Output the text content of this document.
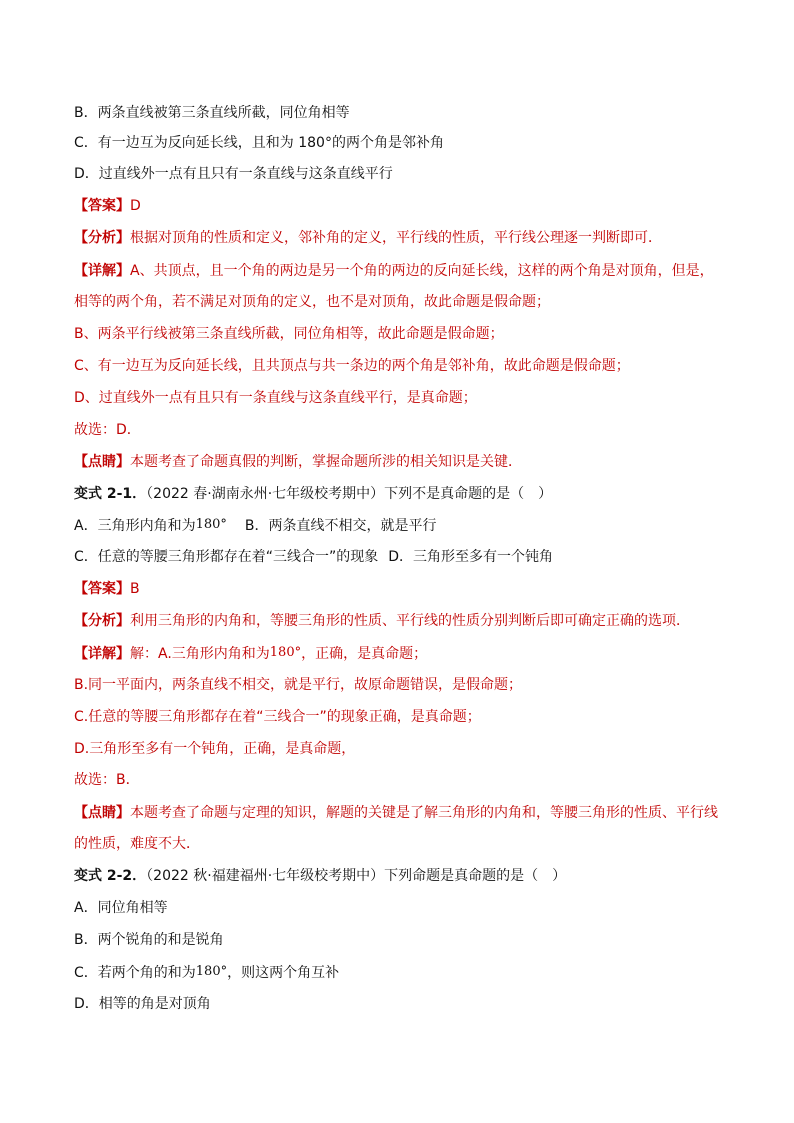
B．两条直线被第三条直线所截，同位角相等
C．有一边互为反向延长线，且和为 180°的两个角是邻补角
D．过直线外一点有且只有一条直线与这条直线平行
【答案】D
【分析】根据对顶角的性质和定义，邻补角的定义，平行线的性质，平行线公理逐一判断即可．
【详解】A、共顶点，且一个角的两边是另一个角的两边的反向延长线，这样的两个角是对顶角，但是，
相等的两个角，若不满足对顶角的定义，也不是对顶角，故此命题是假命题；
B、两条平行线被第三条直线所截，同位角相等，故此命题是假命题；
C、有一边互为反向延长线，且共顶点与共一条边的两个角是邻补角，故此命题是假命题；
D、过直线外一点有且只有一条直线与这条直线平行，是真命题；
故选：D．
【点睛】本题考查了命题真假的判断，掌握命题所涉的相关知识是关键．
变式 2-1．（2022 春·湖南永州·七年级校考期中）下列不是真命题的是（　）
A．三角形内角和为180° B．两条直线不相交，就是平行
C．任意的等腰三角形都存在着“三线合一”的现象 D．三角形至多有一个钝角
【答案】B
【分析】利用三角形的内角和，等腰三角形的性质、平行线的性质分别判断后即可确定正确的选项．
【详解】解：A.三角形内角和为180°，正确，是真命题；
B.同一平面内，两条直线不相交，就是平行，故原命题错误，是假命题；
C.任意的等腰三角形都存在着“三线合一”的现象正确，是真命题；
D.三角形至多有一个钝角，正确，是真命题，
故选：B．
【点睛】本题考查了命题与定理的知识，解题的关键是了解三角形的内角和，等腰三角形的性质、平行线
的性质，难度不大．
变式 2-2．（2022 秋·福建福州·七年级校考期中）下列命题是真命题的是（　）
A．同位角相等
B．两个锐角的和是锐角
C．若两个角的和为180°，则这两个角互补
D．相等的角是对顶角
